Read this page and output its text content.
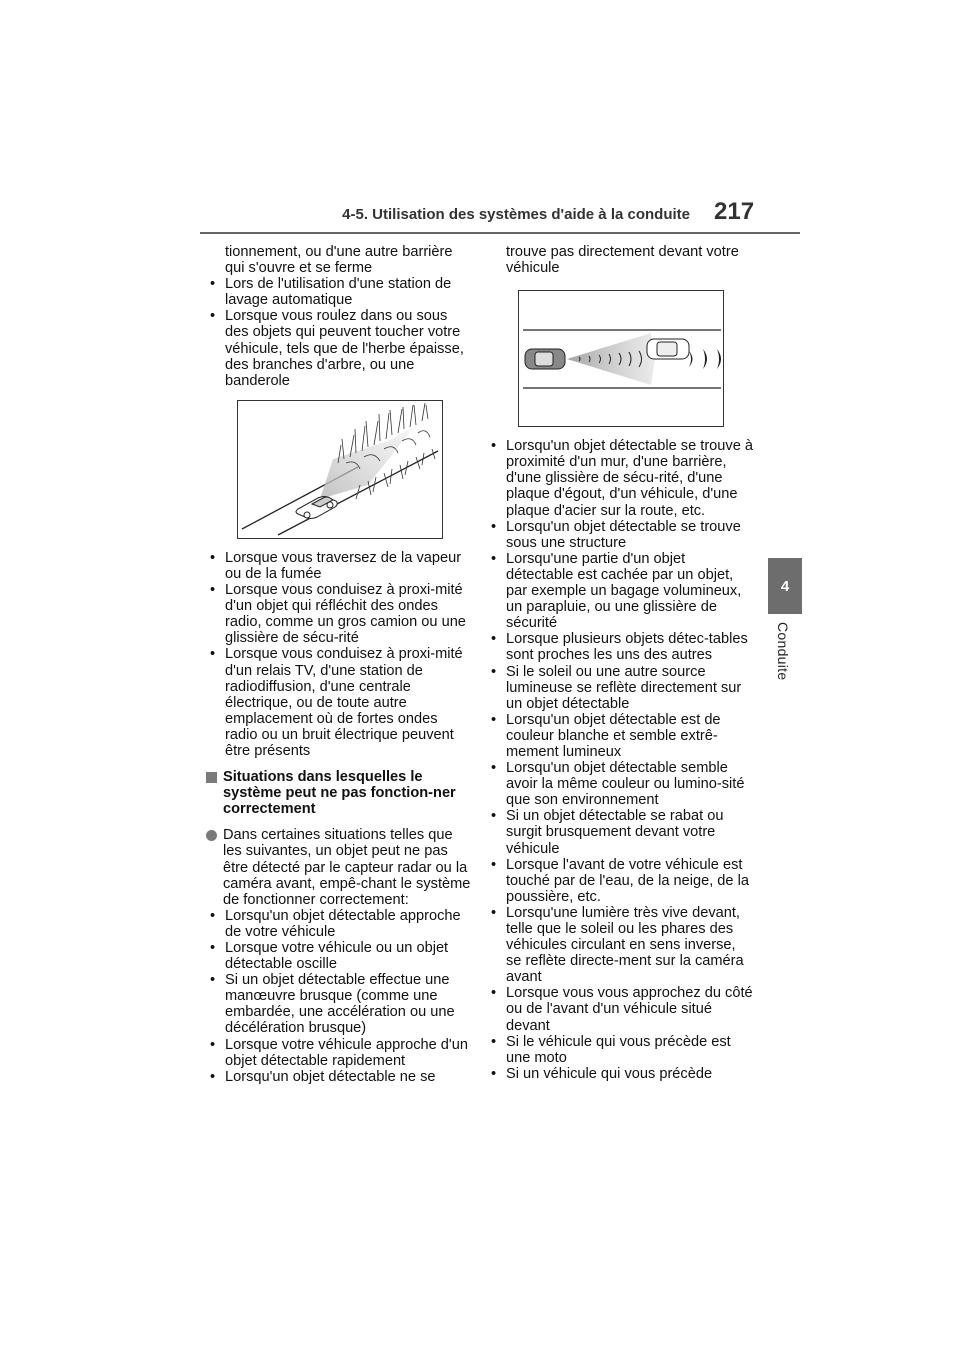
4-5. Utilisation des systèmes d'aide à la conduite 217
4
Conduite

tionnement, ou d'une autre barrière qui s'ouvre et se ferme

• Lors de l'utilisation d'une station de lavage automatique

• Lorsque vous roulez dans ou sous des objets qui peuvent toucher votre véhicule, tels que de l'herbe épaisse, des branches d'arbre, ou une banderole

• Lorsque vous traversez de la vapeur ou de la fumée

• Lorsque vous conduisez à proxi-mité d'un objet qui réfléchit des ondes radio, comme un gros camion ou une glissière de sécu-rité

• Lorsque vous conduisez à proxi-mité d'un relais TV, d'une station de radiodiffusion, d'une centrale électrique, ou de toute autre emplacement où de fortes ondes radio ou un bruit électrique peuvent être présents

Situations dans lesquelles le système peut ne pas fonction-ner correctement
Dans certaines situations telles que les suivantes, un objet peut ne pas être détecté par le capteur radar ou la caméra avant, empê-chant le système de fonctionner correctement:

• Lorsqu'un objet détectable approche de votre véhicule

• Lorsque votre véhicule ou un objet détectable oscille

• Si un objet détectable effectue une manœuvre brusque (comme une embardée, une accélération ou une décélération brusque)

• Lorsque votre véhicule approche d'un objet détectable rapidement

• Lorsqu'un objet détectable ne se

trouve pas directement devant votre véhicule

• Lorsqu'un objet détectable se trouve à proximité d'un mur, d'une barrière, d'une glissière de sécu-rité, d'une plaque d'égout, d'un véhicule, d'une plaque d'acier sur la route, etc.

• Lorsqu'un objet détectable se trouve sous une structure

• Lorsqu'une partie d'un objet détectable est cachée par un objet, par exemple un bagage volumineux, un parapluie, ou une glissière de sécurité

• Lorsque plusieurs objets détec-tables sont proches les uns des autres

• Si le soleil ou une autre source lumineuse se reflète directement sur un objet détectable

• Lorsqu'un objet détectable est de couleur blanche et semble extrê-mement lumineux

• Lorsqu'un objet détectable semble avoir la même couleur ou lumino-sité que son environnement

• Si un objet détectable se rabat ou surgit brusquement devant votre véhicule

• Lorsque l'avant de votre véhicule est touché par de l'eau, de la neige, de la poussière, etc.

• Lorsqu'une lumière très vive devant, telle que le soleil ou les phares des véhicules circulant en sens inverse, se reflète directe-ment sur la caméra avant

• Lorsque vous vous approchez du côté ou de l'avant d'un véhicule situé devant

• Si le véhicule qui vous précède est une moto

• Si un véhicule qui vous précède
